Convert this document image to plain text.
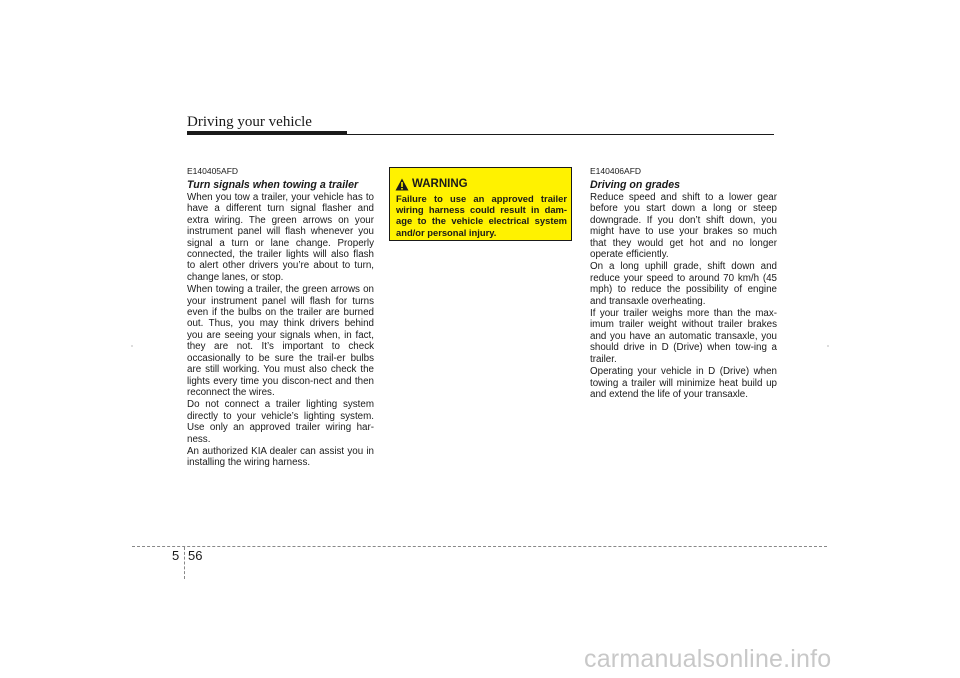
Driving your vehicle
E140405AFD
Turn signals when towing a trailer

When you tow a trailer, your vehicle has to have a different turn signal flasher and extra wiring. The green arrows on your instrument panel will flash whenever you signal a turn or lane change. Properly connected, the trailer lights will also flash to alert other drivers you’re about to turn, change lanes, or stop.

When towing a trailer, the green arrows on your instrument panel will flash for turns even if the bulbs on the trailer are burned out. Thus, you may think drivers behind you are seeing your signals when, in fact, they are not. It’s important to check occasionally to be sure the trail-er bulbs are still working. You must also check the lights every time you discon-nect and then reconnect the wires.

Do not connect a trailer lighting system directly to your vehicle’s lighting system. Use only an approved trailer wiring har-ness.

An authorized KIA dealer can assist you in installing the wiring harness.

WARNING
Failure to use an approved trailer wiring harness could result in dam-age to the vehicle electrical system and/or personal injury.
E140406AFD
Driving on grades

Reduce speed and shift to a lower gear before you start down a long or steep downgrade. If you don’t shift down, you might have to use your brakes so much that they would get hot and no longer operate efficiently.

On a long uphill grade, shift down and reduce your speed to around 70 km/h (45 mph) to reduce the possibility of engine and transaxle overheating.

If your trailer weighs more than the max-imum trailer weight without trailer brakes and you have an automatic transaxle, you should drive in D (Drive) when tow-ing a trailer.

Operating your vehicle in D (Drive) when towing a trailer will minimize heat build up and extend the life of your transaxle.

5 56
carmanualsonline.info
